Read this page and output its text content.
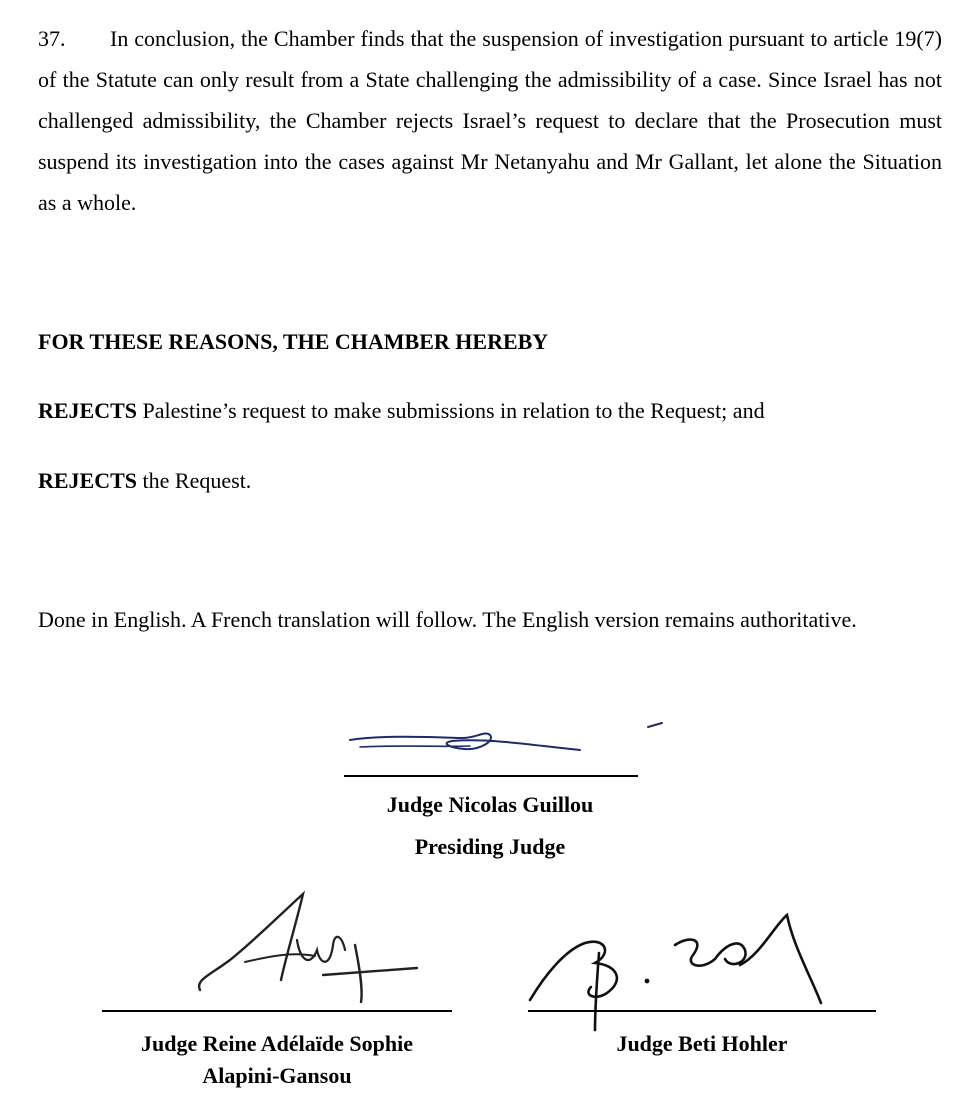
37. In conclusion, the Chamber finds that the suspension of investigation pursuant to article 19(7) of the Statute can only result from a State challenging the admissibility of a case. Since Israel has not challenged admissibility, the Chamber rejects Israel’s request to declare that the Prosecution must suspend its investigation into the cases against Mr Netanyahu and Mr Gallant, let alone the Situation as a whole.

FOR THESE REASONS, THE CHAMBER HEREBY
REJECTS Palestine’s request to make submissions in relation to the Request; and
REJECTS the Request.
Done in English. A French translation will follow. The English version remains authoritative.
Judge Nicolas Guillou
Presiding Judge
Judge Reine Adélaïde Sophie
Alapini-Gansou
Judge Beti Hohler
